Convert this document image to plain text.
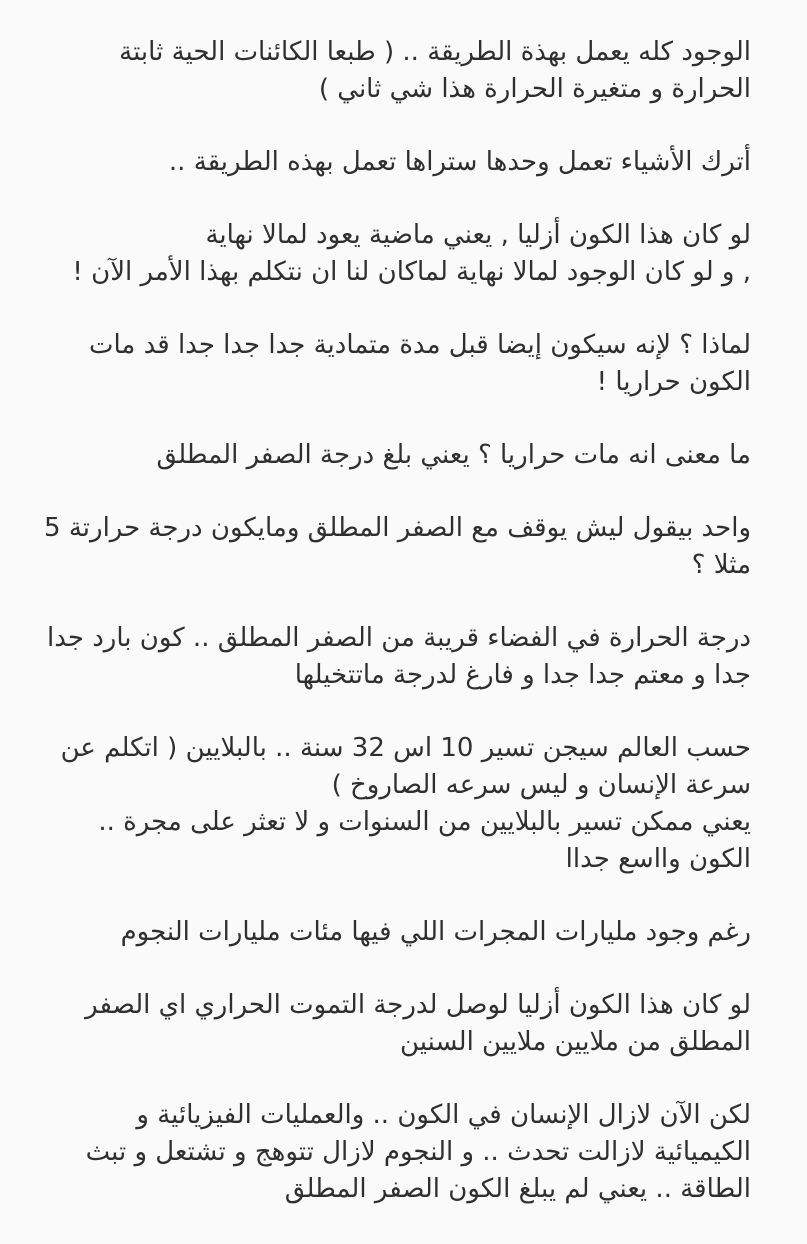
الوجود كله يعمل بهذة الطريقة .. ( طبعا الكائنات الحية ثابتة
الحرارة و متغيرة الحرارة هذا شي ثاني )

أترك الأشياء تعمل وحدها ستراها تعمل بهذه الطريقة ..

لو كان هذا الكون أزليا , يعني ماضية يعود لمالا نهاية
, و لو كان الوجود لمالا نهاية لماكان لنا ان نتكلم بهذا الأمر الآن !

لماذا ؟ لإنه سيكون إيضا قبل مدة متمادية جدا جدا جدا قد مات
الكون حراريا !

ما معنى انه مات حراريا ؟ يعني بلغ درجة الصفر المطلق

واحد بيقول ليش يوقف مع الصفر المطلق ومايكون درجة حرارتة 5
مثلا ؟

درجة الحرارة في الفضاء قريبة من الصفر المطلق .. كون بارد جدا
جدا و معتم جدا جدا و فارغ لدرجة ماتتخيلها

حسب العالم سيجن تسير 10 اس 32 سنة .. بالبلايين ( اتكلم عن
سرعة الإنسان و ليس سرعه الصاروخ )
يعني ممكن تسير بالبلايين من السنوات و لا تعثر على مجرة ..
الكون وااسع جداا

رغم وجود مليارات المجرات اللي فيها مئات مليارات النجوم

لو كان هذا الكون أزليا لوصل لدرجة التموت الحراري اي الصفر
المطلق من ملايين ملايين السنين

لكن الآن لازال الإنسان في الكون .. والعمليات الفيزيائية و
الكيميائية لازالت تحدث .. و النجوم لازال تتوهج و تشتعل و تبث
الطاقة .. يعني لم يبلغ الكون الصفر المطلق
